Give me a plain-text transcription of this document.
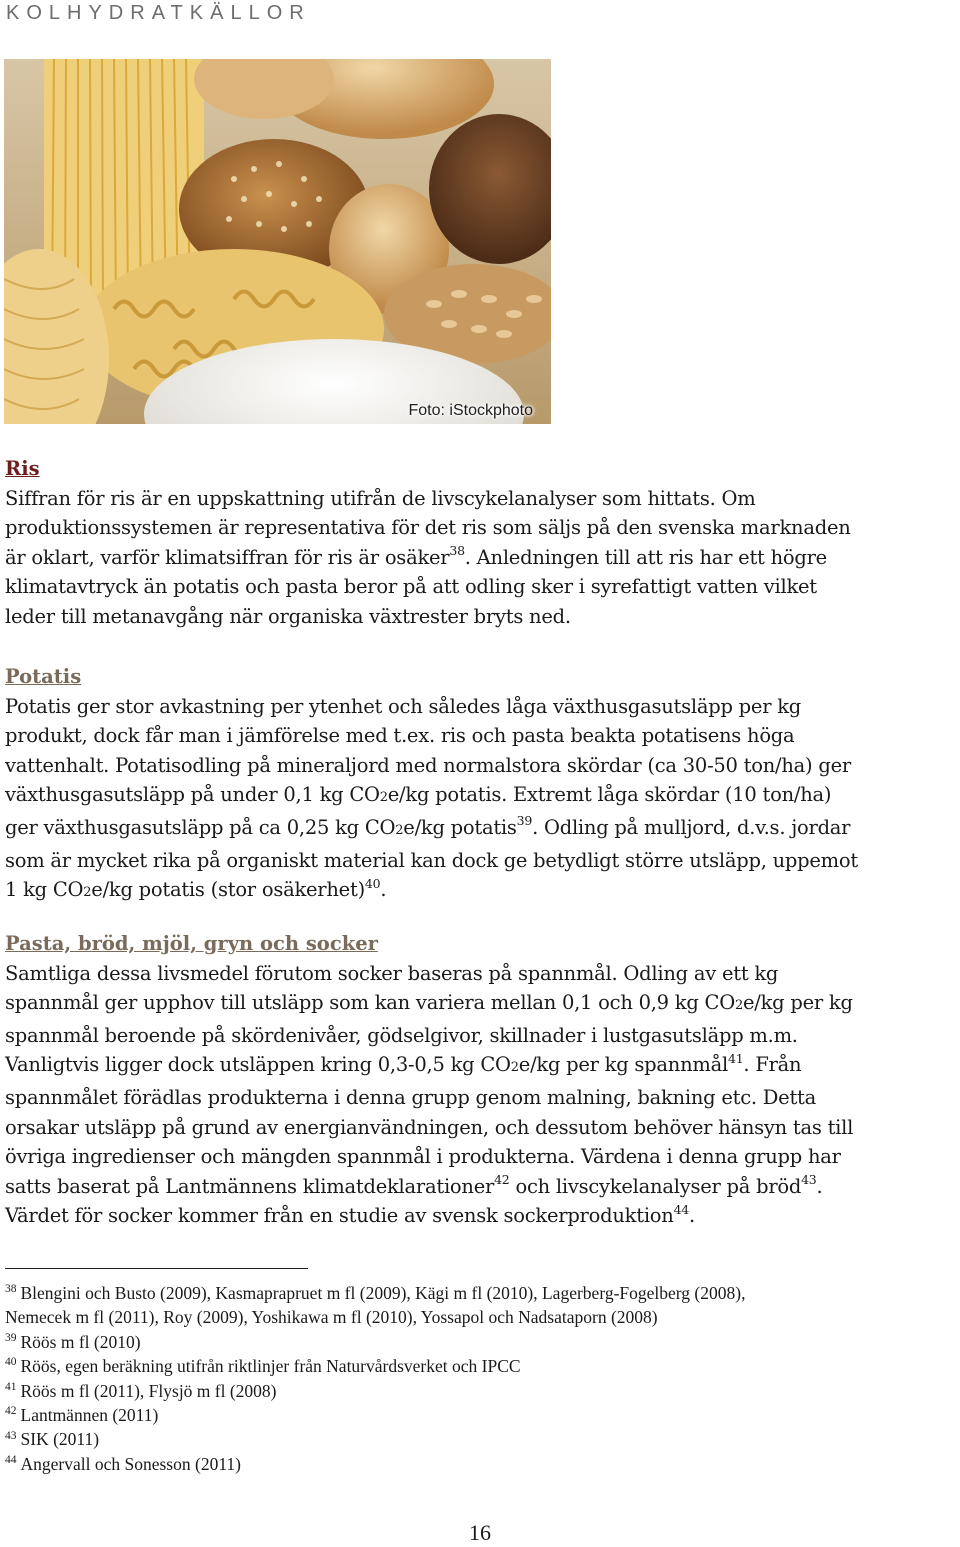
KOLHYDRATKÄLLOR
Foto: iStockphoto
Ris

Siffran för ris är en uppskattning utifrån de livscykelanalyser som hittats. Om
produktionssystemen är representativa för det ris som säljs på den svenska marknaden
är oklart, varför klimatsiffran för ris är osäker$^{38}$. Anledningen till att ris har ett högre
klimatavtryck än potatis och pasta beror på att odling sker i syrefattigt vatten vilket
leder till metanavgång när organiska växtrester bryts ned.

Potatis

Potatis ger stor avkastning per ytenhet och således låga växthusgasutsläpp per kg
produkt, dock får man i jämförelse med t.ex. ris och pasta beakta potatisens höga
vattenhalt. Potatisodling på mineraljord med normalstora skördar (ca 30-50 ton/ha) ger
växthusgasutsläpp på under 0,1 kg CO2e/kg potatis. Extremt låga skördar (10 ton/ha)
ger växthusgasutsläpp på ca 0,25 kg CO2e/kg potatis$^{39}$. Odling på mulljord, d.v.s. jordar
som är mycket rika på organiskt material kan dock ge betydligt större utsläpp, uppemot
1 kg CO2e/kg potatis (stor osäkerhet)$^{40}$.

Pasta, bröd, mjöl, gryn och socker

Samtliga dessa livsmedel förutom socker baseras på spannmål. Odling av ett kg
spannmål ger upphov till utsläpp som kan variera mellan 0,1 och 0,9 kg CO2e/kg per kg
spannmål beroende på skördenivåer, gödselgivor, skillnader i lustgasutsläpp m.m.
Vanligtvis ligger dock utsläppen kring 0,3-0,5 kg CO2e/kg per kg spannmål$^{41}$. Från
spannmålet förädlas produkterna i denna grupp genom malning, bakning etc. Detta
orsakar utsläpp på grund av energianvändningen, och dessutom behöver hänsyn tas till
övriga ingredienser och mängden spannmål i produkterna. Värdena i denna grupp har
satts baserat på Lantmännens klimatdeklarationer$^{42}$ och livscykelanalyser på bröd$^{43}$.
Värdet för socker kommer från en studie av svensk sockerproduktion$^{44}$.

$^{38}$ Blengini och Busto (2009), Kasmaprapruet m fl (2009), Kägi m fl (2010), Lagerberg-Fogelberg (2008),
Nemecek m fl (2011), Roy (2009), Yoshikawa m fl (2010), Yossapol och Nadsataporn (2008)
$^{39}$ Röös m fl (2010)
$^{40}$ Röös, egen beräkning utifrån riktlinjer från Naturvårdsverket och IPCC
$^{41}$ Röös m fl (2011), Flysjö m fl (2008)
$^{42}$ Lantmännen (2011)
$^{43}$ SIK (2011)
$^{44}$ Angervall och Sonesson (2011)
16
